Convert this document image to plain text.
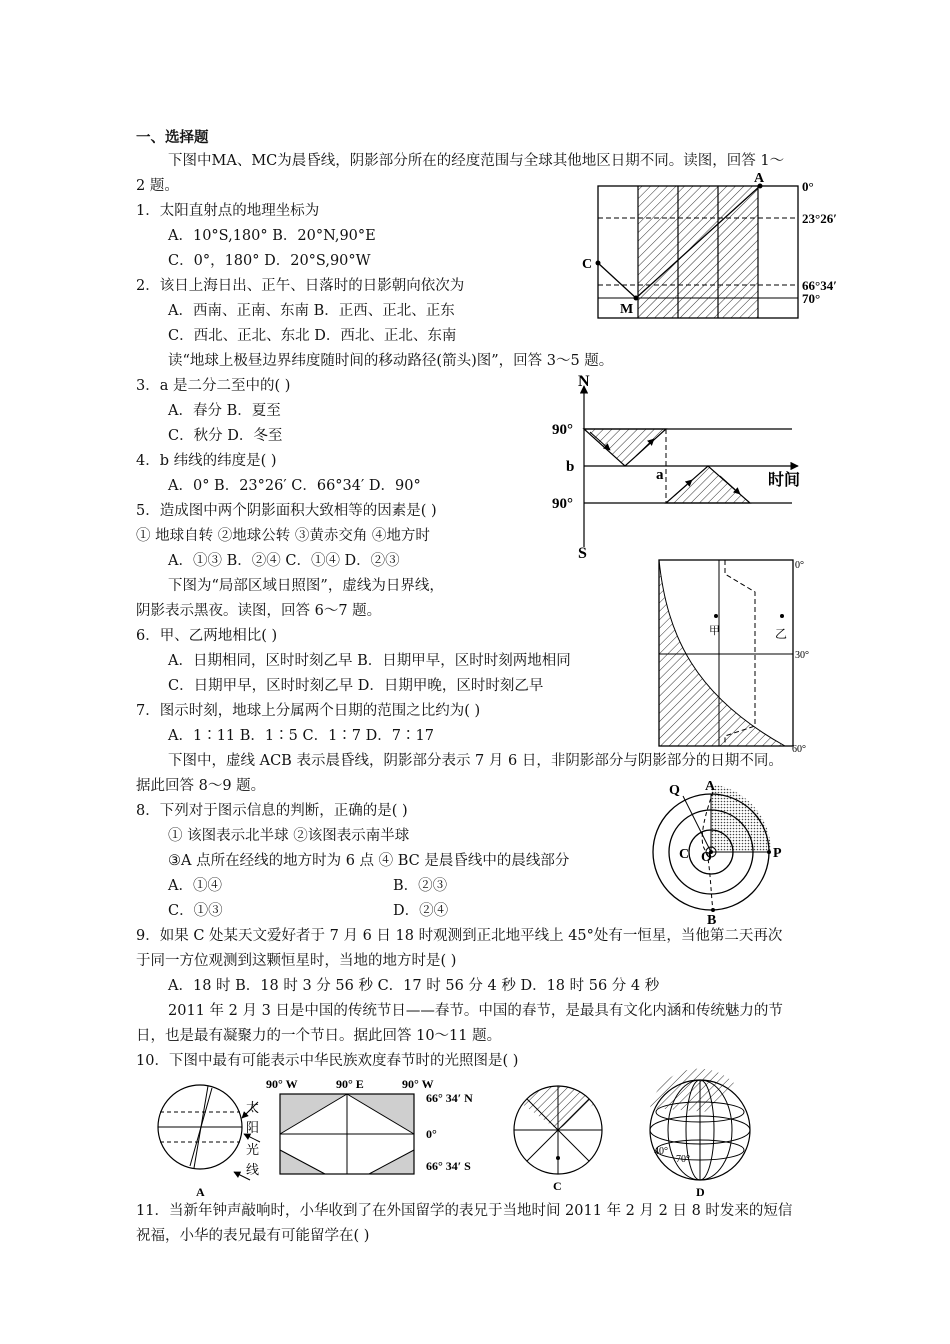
一、选择题
下图中MA、MC为晨昏线，阴影部分所在的经度范围与全球其他地区日期不同。读图，回答 1～
2 题。
1．太阳直射点的地理坐标为
A．10°S,180° B．20°N,90°E
C．0°，180° D．20°S,90°W
2．该日上海日出、正午、日落时的日影朝向依次为
A．西南、正南、东南 B．正西、正北、正东
C．西北、正北、东北 D．西北、正北、东南
读“地球上极昼边界纬度随时间的移动路径(箭头)图”，回答 3～5 题。
3．a 是二分二至中的( )
A．春分 B．夏至
C．秋分 D．冬至
4．b 纬线的纬度是( )
A．0° B．23°26′ C．66°34′ D．90°
5．造成图中两个阴影面积大致相等的因素是( )
① 地球自转 ②地球公转 ③黄赤交角 ④地方时
A．①③ B．②④ C．①④ D．②③
下图为“局部区域日照图”，虚线为日界线，
阴影表示黑夜。读图，回答 6～7 题。
6．甲、乙两地相比( )
A．日期相同，区时时刻乙早 B．日期甲早，区时时刻两地相同
C．日期甲早，区时时刻乙早 D．日期甲晚，区时时刻乙早
7．图示时刻，地球上分属两个日期的范围之比约为( )
A．1∶11 B．1∶5 C．1∶7 D．7∶17
下图中，虚线 ACB 表示晨昏线，阴影部分表示 7 月 6 日，非阴影部分与阴影部分的日期不同。
据此回答 8～9 题。
8．下列对于图示信息的判断，正确的是( )
① 该图表示北半球 ②该图表示南半球
③A 点所在经线的地方时为 6 点 ④ BC 是晨昏线中的晨线部分
A．①④	B．②③
C．①③	D．②④
9．如果 C 处某天文爱好者于 7 月 6 日 18 时观测到正北地平线上 45°处有一恒星，当他第二天再次
于同一方位观测到这颗恒星时，当地的地方时是( )
A．18 时 B．18 时 3 分 56 秒 C．17 时 56 分 4 秒 D．18 时 56 分 4 秒
2011 年 2 月 3 日是中国的传统节日——春节。中国的春节，是最具有文化内涵和传统魅力的节
日，也是最有凝聚力的一个节日。据此回答 10～11 题。
10．下图中最有可能表示中华民族欢度春节时的光照图是( )
11．当新年钟声敲响时，小华收到了在外国留学的表兄于当地时间 2011 年 2 月 2 日 8 时发来的短信
祝福，小华的表兄最有可能留学在( )
A
C
M
0°
23°26′
66°34′
70°
N
S
90°
90°
b	a	时间
甲	乙
0°
30°
60°
Q A
C O	P
B
太
阳
光
线
A
90° W	90° E	90° W
66° 34′ N
0°
66° 34′ S
C
40°
70°
D
